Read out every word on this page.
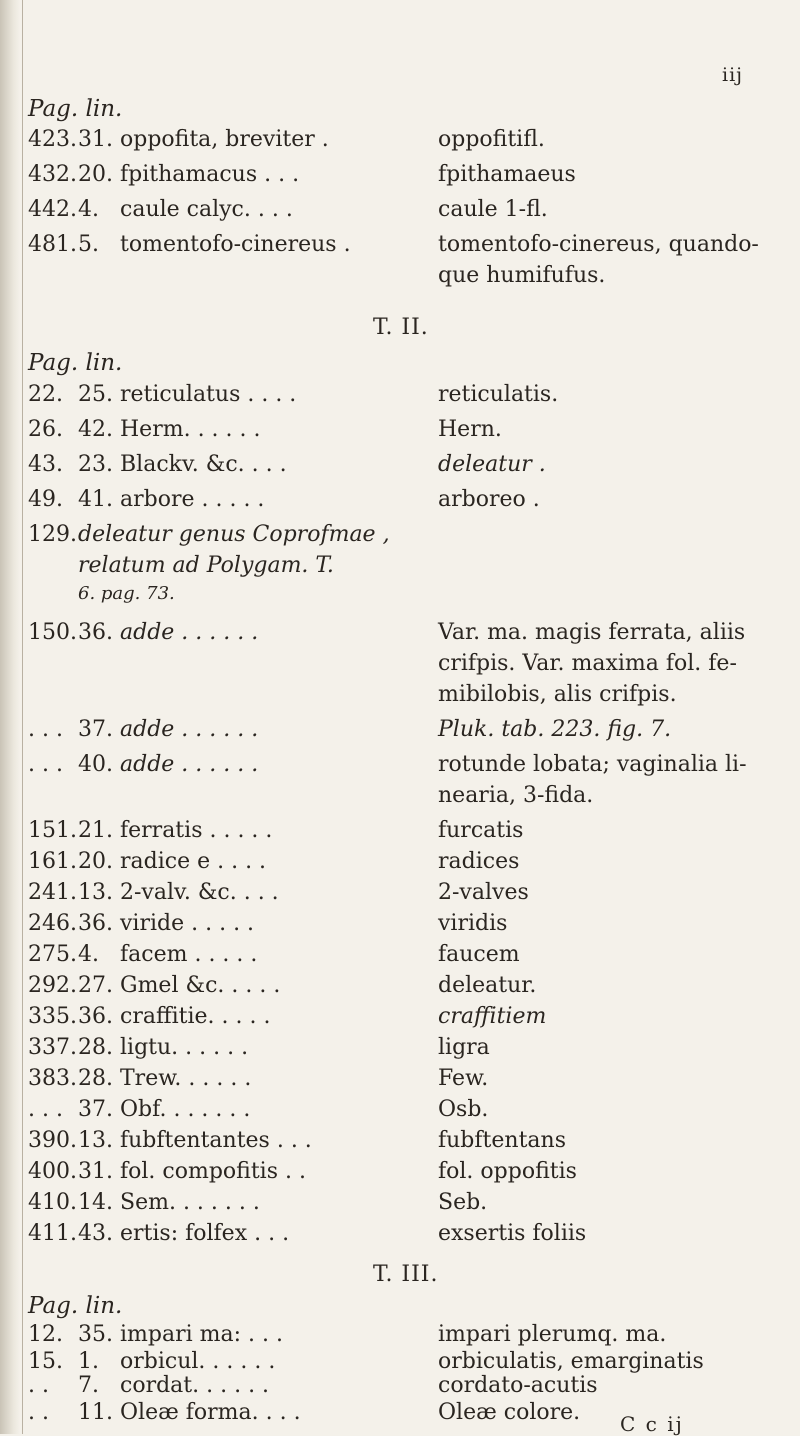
iij
Pag. lin.
423. 31. oppofita, breviter .	oppofitifl.
432. 20. fpithamacus . . .	fpithamaeus
442. 4. caule calyc. . . .	caule 1-fl.
481. 5. tomentofo-cinereus .	tomentofo-cinereus, quando-
que humifufus.
T. II.
Pag. lin.
22. 25. reticulatus . . . .	reticulatis.
26. 42. Herm. . . . . .	Hern.
43. 23. Blackv. &c. . . .	deleatur .
49. 41. arbore . . . . .	arboreo .
129. deleatur genus Coprofmae ,
relatum ad Polygam. T.
6. pag. 73.
150. 36. adde . . . . . .	Var. ma. magis ferrata, aliis
crifpis. Var. maxima fol. fe-
mibilobis, alis crifpis.
. . . 37. adde . . . . . .	Pluk. tab. 223. fig. 7.
. . . 40. adde . . . . . .	rotunde lobata; vaginalia li-
nearia, 3-fida.
151. 21. ferratis . . . . .	furcatis
161. 20. radice e . . . .	radices
241. 13. 2-valv. &c. . . .	2-valves
246. 36. viride . . . . .	viridis
275. 4. facem . . . . .	faucem
292. 27. Gmel &c. . . . .	deleatur.
335. 36. craffitie. . . . .	craffitiem
337. 28. ligtu. . . . . .	ligra
383. 28. Trew. . . . . .	Few.
. . . 37. Obf. . . . . . .	Osb.
390. 13. fubftentantes . . .	fubftentans
400. 31. fol. compofitis . .	fol. oppofitis
410. 14. Sem. . . . . . .	Seb.
411. 43. ertis: folfex . . .	exsertis foliis
T. III.
Pag. lin.
12. 35. impari ma: . . .	impari plerumq. ma.
15. 1. orbicul. . . . . .	orbiculatis, emarginatis
. . 7. cordat. . . . . .	cordato-acutis
. . 11. Oleæ forma. . . .	Oleæ colore. C c ij
